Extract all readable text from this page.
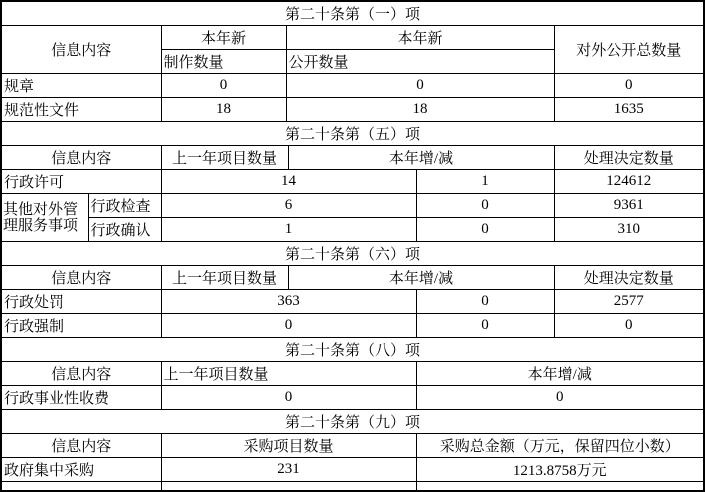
第二十条第（一）项						
信息内容		本年新	本年新			对外公开总数量
		制作数量	公开数量			
规章		0	0			0
规范性文件		18	18			1635
第二十条第（五）项						
信息内容		上一年项目数量		本年增/减		处理决定数量
行政许可		14			1	124612
其他对外管理服务事项	行政检查	6			0	9361
	行政确认	1			0	310
第二十条第（六）项						
信息内容		上一年项目数量		本年增/减		处理决定数量
行政处罚		363			0	2577
行政强制		0			0	0
第二十条第（八）项						
信息内容		上一年项目数量			本年增/减	
行政事业性收费		0			0	
第二十条第（九）项						
信息内容		采购项目数量			采购总金额（万元，保留四位小数）	
政府集中采购		231			1213.8758万元	
